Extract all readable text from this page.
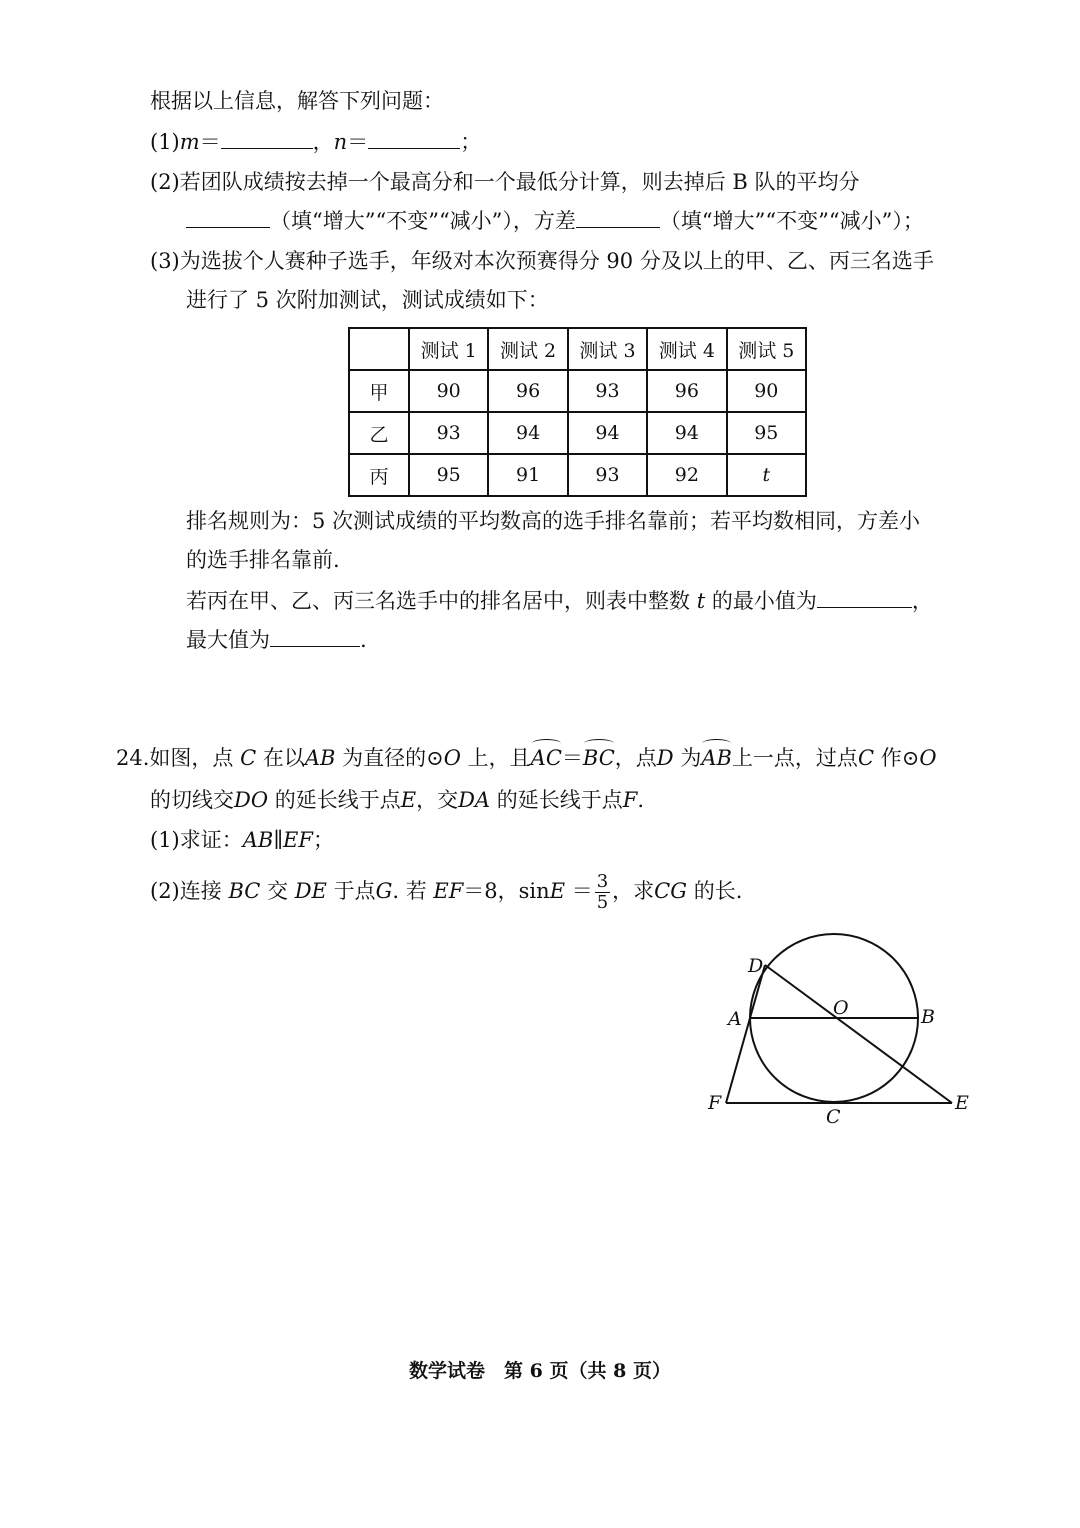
根据以上信息，解答下列问题：
(1)m＝	，n＝	；
(2)若团队成绩按去掉一个最高分和一个最低分计算，则去掉后 B 队的平均分
（填“增大”“不变”“减小”），方差	（填“增大”“不变”“减小”）；
(3)为选拔个人赛种子选手，年级对本次预赛得分 90 分及以上的甲、乙、丙三名选手
进行了 5 次附加测试，测试成绩如下：
	测试 1	测试 2	测试 3	测试 4	测试 5
甲	90	96	93	96	90
乙	93	94	94	94	95
丙	95	91	93	92	t
排名规则为：5 次测试成绩的平均数高的选手排名靠前；若平均数相同，方差小
的选手排名靠前.
若丙在甲、乙、丙三名选手中的排名居中，则表中整数 t 的最小值为	，
最大值为	.
24.如图，点 C 在以AB 为直径的⊙O 上，且AC＝BC，点D 为AB上一点，过点C 作⊙O
的切线交DO 的延长线于点E，交DA 的延长线于点F.
(1)求证：AB∥EF；
(2)连接 BC 交 DE 于点G. 若 EF＝8，$\sin E = \frac{3}{5}$ ，求CG 的长.
D
A	O	B
F
C
E
数学试卷　第 6 页（共 8 页）
